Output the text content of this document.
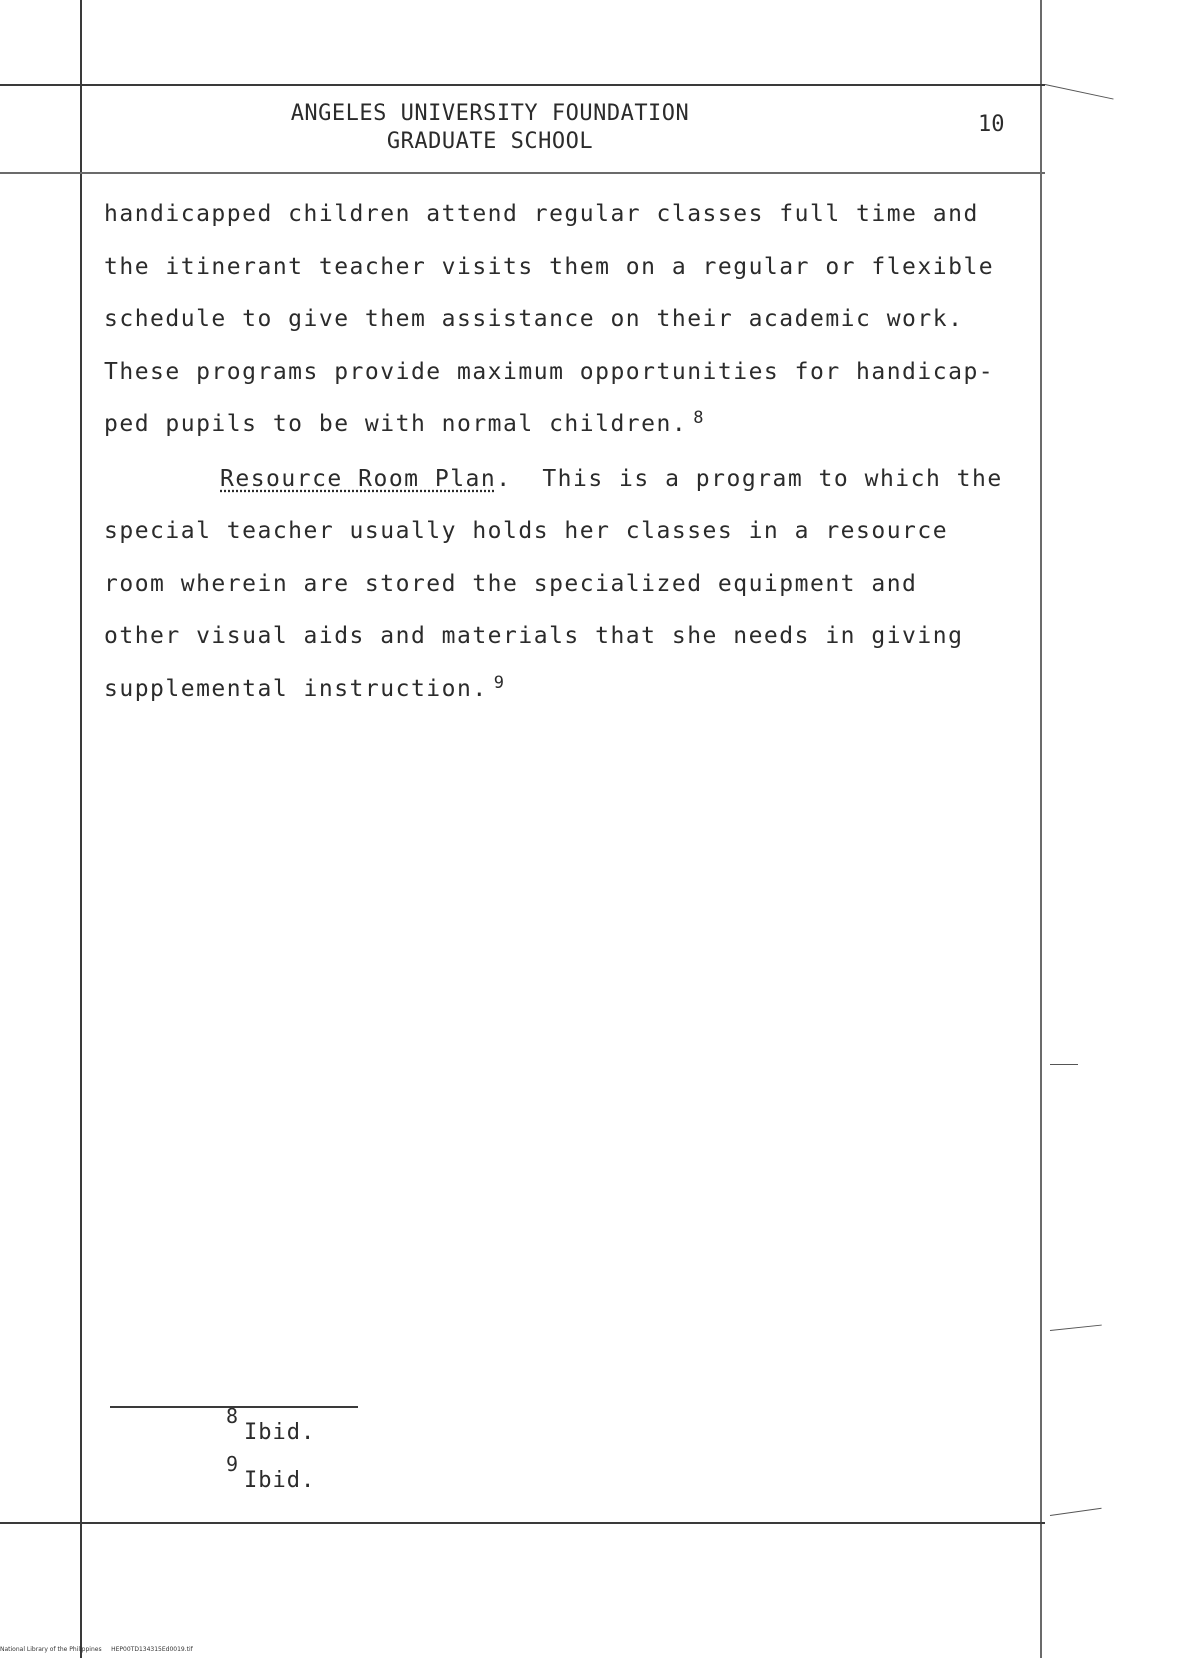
ANGELES UNIVERSITY FOUNDATION
GRADUATE SCHOOL
10
handicapped children attend regular classes full time and
the itinerant teacher visits them on a regular or flexible
schedule to give them assistance on their academic work.
These programs provide maximum opportunities for handicap-
ped pupils to be with normal children. $^8$
Resource Room Plan. This is a program to which the
special teacher usually holds her classes in a resource
room wherein are stored the specialized equipment and
other visual aids and materials that she needs in giving
supplemental instruction. $^9$
8
Ibid.
9
Ibid.
National Library of the Philippines HEP00TD134315Ed0019.tif
